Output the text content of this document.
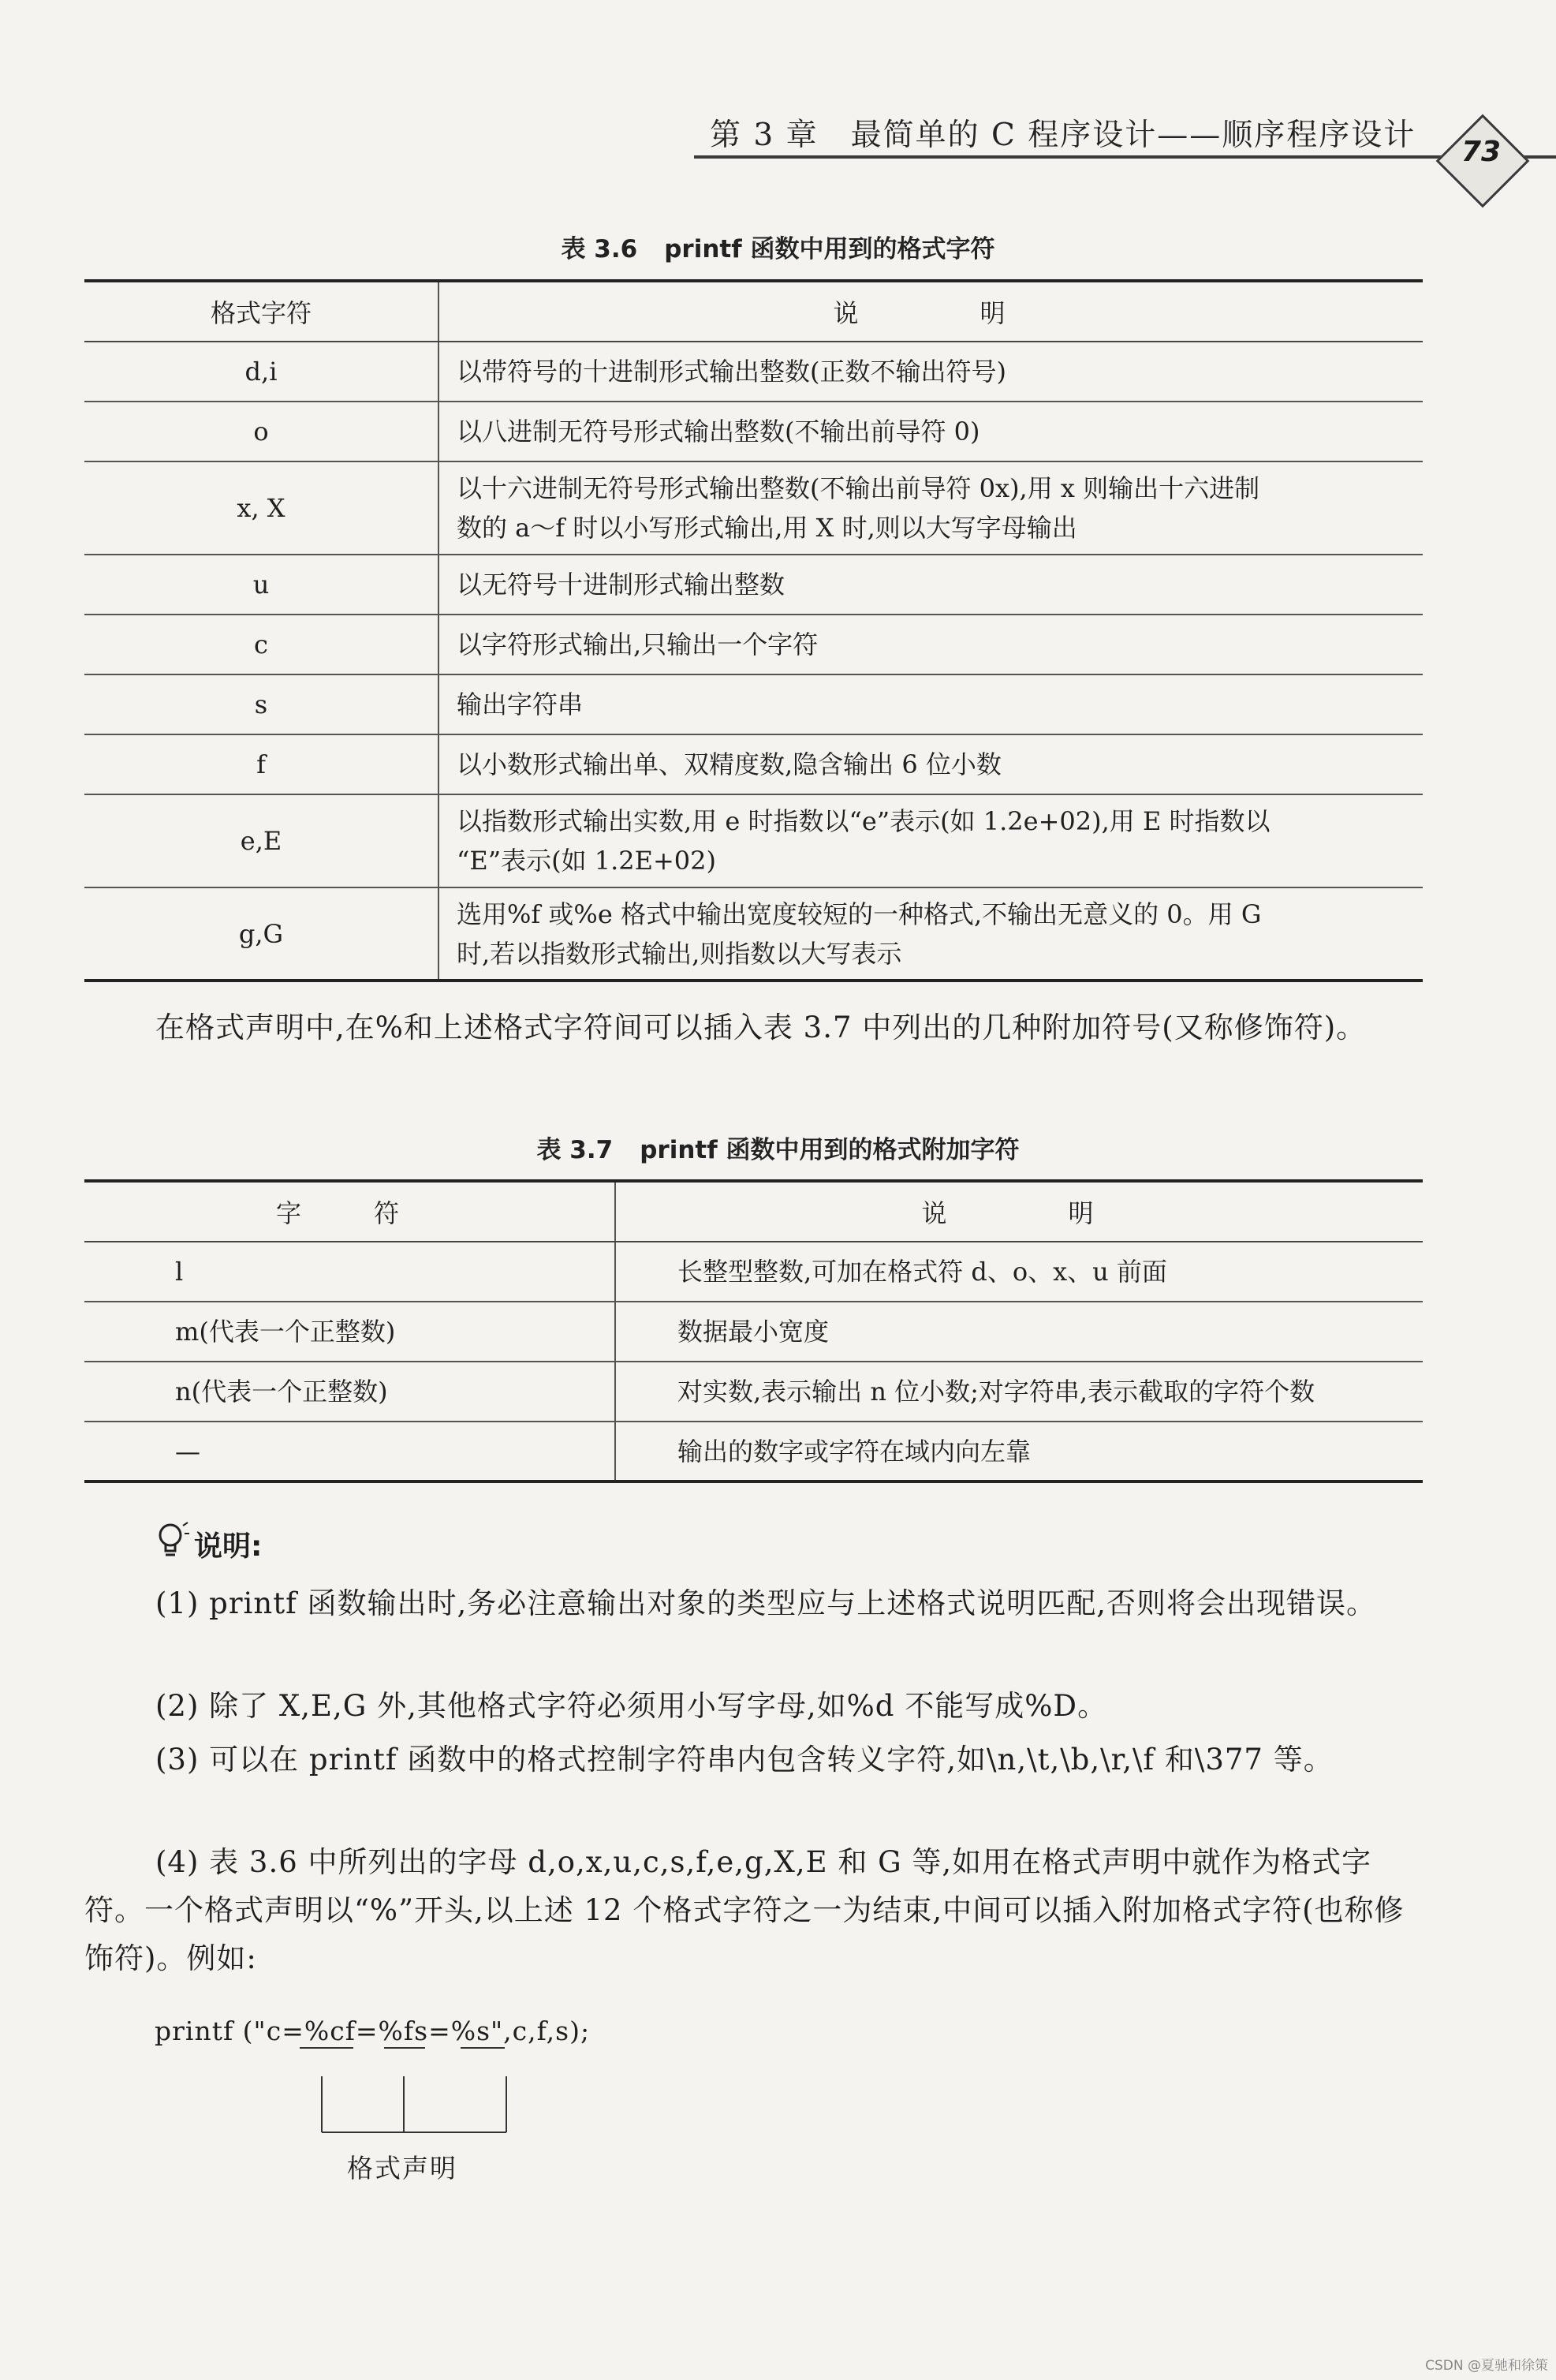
第 3 章　最简单的 C 程序设计——顺序程序设计	73
表 3.6 printf 函数中用到的格式字符
格式字符	说　　明
d,i	以带符号的十进制形式输出整数(正数不输出符号)

o	以八进制无符号形式输出整数(不输出前导符 0)

x, X	以十六进制无符号形式输出整数(不输出前导符 0x),用 x 则输出十六进制
数的 a～f 时以小写形式输出,用 X 时,则以大写字母输出

u	以无符号十进制形式输出整数

c	以字符形式输出,只输出一个字符

s	输出字符串

f	以小数形式输出单、双精度数,隐含输出 6 位小数

e,E	以指数形式输出实数,用 e 时指数以“e”表示(如 1.2e+02),用 E 时指数以
“E”表示(如 1.2E+02)

g,G	选用%f 或%e 格式中输出宽度较短的一种格式,不输出无意义的 0。用 G
时,若以指数形式输出,则指数以大写表示
在格式声明中,在%和上述格式字符间可以插入表 3.7 中列出的几种附加符号(又称修饰符)。
表 3.7 printf 函数中用到的格式附加字符
字　符	说　　明
l	长整型整数,可加在格式符 d、o、x、u 前面
m(代表一个正整数)	数据最小宽度
n(代表一个正整数)	对实数,表示输出 n 位小数;对字符串,表示截取的字符个数
—	输出的数字或字符在域内向左靠
说明:
(1) printf 函数输出时,务必注意输出对象的类型应与上述格式说明匹配,否则将会出现错误。
(2) 除了 X,E,G 外,其他格式字符必须用小写字母,如%d 不能写成%D。
(3) 可以在 printf 函数中的格式控制字符串内包含转义字符,如\n,\t,\b,\r,\f 和\377 等。
(4) 表 3.6 中所列出的字母 d,o,x,u,c,s,f,e,g,X,E 和 G 等,如用在格式声明中就作为格式字符。一个格式声明以“%”开头,以上述 12 个格式字符之一为结束,中间可以插入附加格式字符(也称修饰符)。例如:
printf ("c=%cf=%fs=%s",c,f,s);
格式声明
CSDN @夏驰和徐策
